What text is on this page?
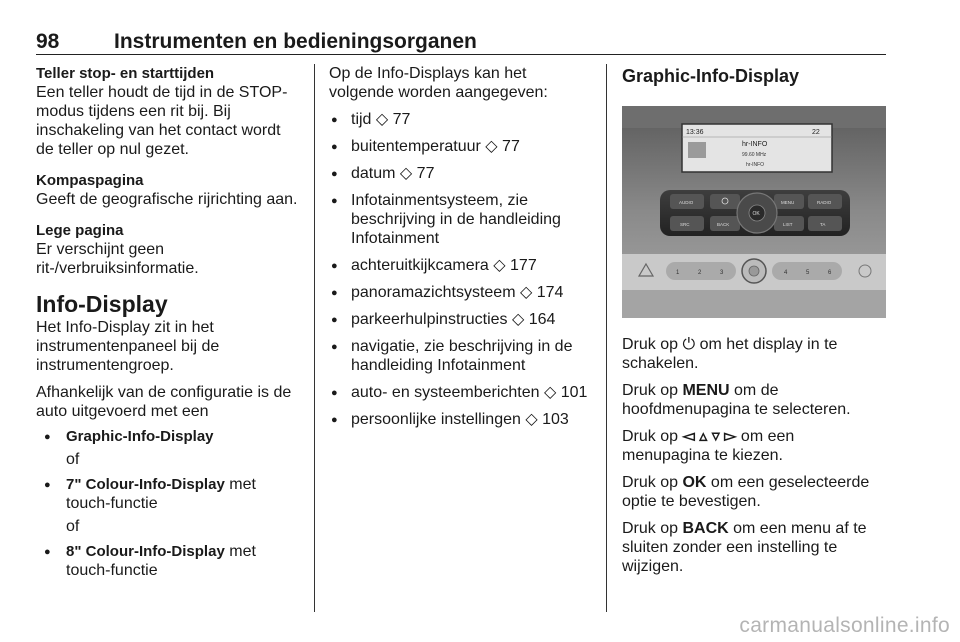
98	Instrumenten en bedieningsorganen
Teller stop- en starttijden

Een teller houdt de tijd in de STOP-modus tijdens een rit bij. Bij inschakeling van het contact wordt de teller op nul gezet.

Kompaspagina

Geeft de geografische rijrichting aan.

Lege pagina

Er verschijnt geen rit-/verbruiksinformatie.

Info-Display

Het Info-Display zit in het instrumentenpaneel bij de instrumentengroep.

Afhankelijk van de configuratie is de auto uitgevoerd met een

● Graphic-Info-Display
of
● 7" Colour-Info-Display met touch-functie
of
● 8" Colour-Info-Display met touch-functie

Op de Info-Displays kan het volgende worden aangegeven:

● tijd ◇ 77
● buitentemperatuur ◇ 77
● datum ◇ 77
● Infotainmentsysteem, zie beschrijving in de handleiding Infotainment
● achteruitkijkcamera ◇ 177
● panoramazichtsysteem ◇ 174
● parkeerhulpinstructies ◇ 164
● navigatie, zie beschrijving in de handleiding Infotainment
● auto- en systeemberichten ◇ 101
● persoonlijke instellingen ◇ 103
Graphic-Info-Display
13:36	22
hr-INFO
99.60 MHz
hr-INFO
AUDIO	MENU	RADIO
SRC	BACK	LIST	TA
OK
1	2	3	4	5	6

Druk op ⏻ om het display in te schakelen.

Druk op MENU om de hoofdmenupagina te selecteren.

Druk op ◅ ▵ ▿ ▻ om een menupagina te kiezen.

Druk op OK om een geselecteerde optie te bevestigen.

Druk op BACK om een menu af te sluiten zonder een instelling te wijzigen.

carmanualsonline.info
